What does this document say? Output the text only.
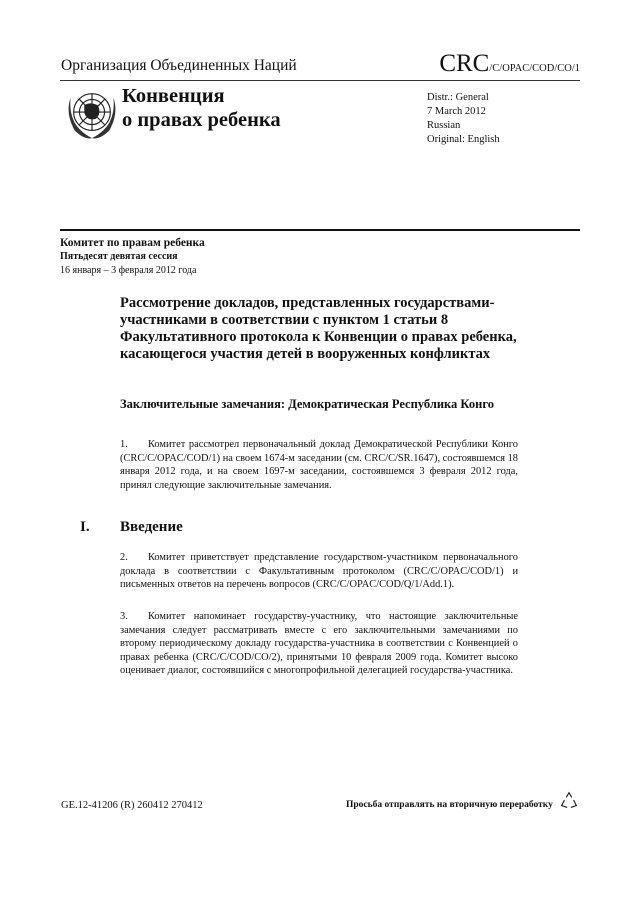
Организация Объединенных Наций	CRC/C/OPAC/COD/CO/1
Конвенция
о правах ребенка
Distr.: General
7 March 2012
Russian
Original: English
Комитет по правам ребенка
Пятьдесят девятая сессия
16 января – 3 февраля 2012 года
Рассмотрение докладов, представленных государствами-участниками в соответствии с пунктом 1 статьи 8 Факультативного протокола к Конвенции о правах ребенка, касающегося участия детей в вооруженных конфликтах
Заключительные замечания: Демократическая Республика Конго
1. Комитет рассмотрел первоначальный доклад Демократической Республики Конго (CRC/C/OPAC/COD/1) на своем 1674-м заседании (см. CRC/C/SR.1647), состоявшемся 18 января 2012 года, и на своем 1697-м заседании, состоявшемся 3 февраля 2012 года, принял следующие заключительные замечания.
I. Введение
2. Комитет приветствует представление государством-участником первоначального доклада в соответствии с Факультативным протоколом (CRC/C/OPAC/COD/1) и письменных ответов на перечень вопросов (CRC/C/OPAC/COD/Q/1/Add.1).
3. Комитет напоминает государству-участнику, что настоящие заключительные замечания следует рассматривать вместе с его заключительными замечаниями по второму периодическому докладу государства-участника в соответствии с Конвенцией о правах ребенка (CRC/C/COD/CO/2), принятыми 10 февраля 2009 года. Комитет высоко оценивает диалог, состоявшийся с многопрофильной делегацией государства-участника.
GE.12-41206 (R) 260412 270412	Просьба отправлять на вторичную переработку
